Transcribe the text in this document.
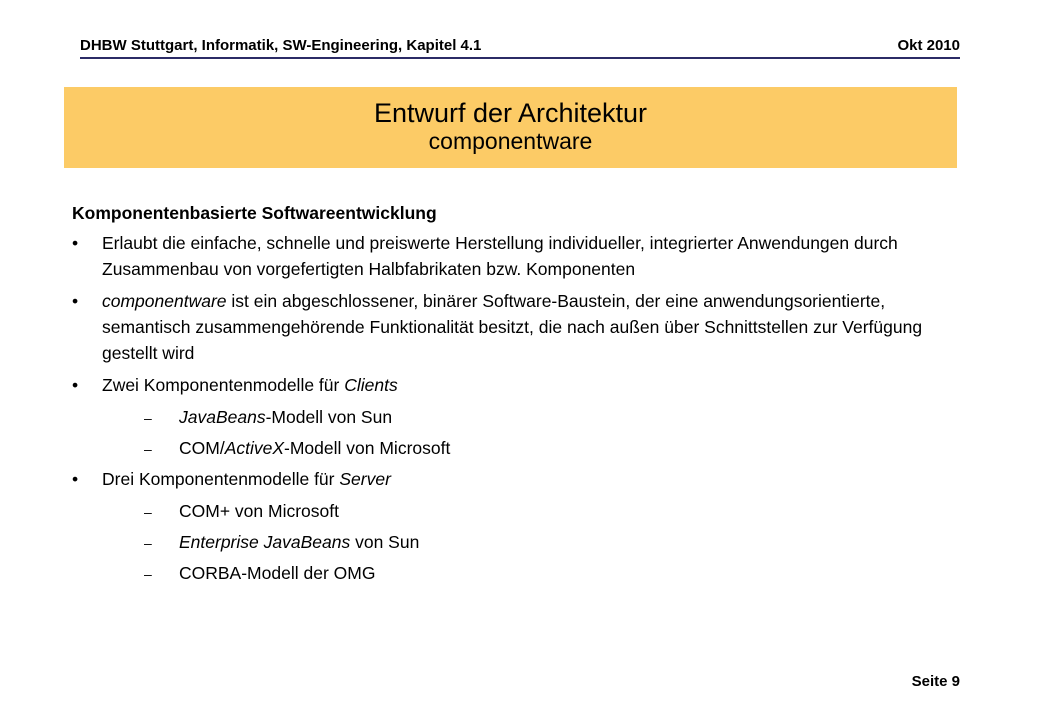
DHBW Stuttgart, Informatik, SW-Engineering, Kapitel 4.1	Okt 2010
Entwurf der Architektur
componentware
Komponentenbasierte Softwareentwicklung
• Erlaubt die einfache, schnelle und preiswerte Herstellung individueller, integrierter Anwendungen durch Zusammenbau von vorgefertigten Halbfabrikaten bzw. Komponenten
• componentware ist ein abgeschlossener, binärer Software-Baustein, der eine anwendungsorientierte, semantisch zusammengehörende Funktionalität besitzt, die nach außen über Schnittstellen zur Verfügung gestellt wird
• Zwei Komponentenmodelle für Clients
– JavaBeans-Modell von Sun
– COM/ActiveX-Modell von Microsoft
• Drei Komponentenmodelle für Server
– COM+ von Microsoft
– Enterprise JavaBeans von Sun
– CORBA-Modell der OMG
Seite 9
